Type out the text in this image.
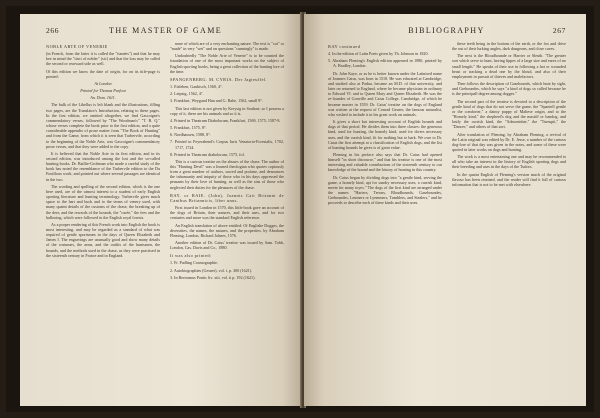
266	THE MASTER OF GAME

NOBLE ARTE OF VENERIE

(in French, from the latter it is called the "fumées") and that he may kee in mind the "tinct of nobler" (sic) and that the loss may be called the second or rearward side as well.

Of this edition we know the date of origin, for on its title-page is printed:

At London

Printed for Thomas Purfoot

An. Dom. 1611.

The bulk of the Libellus is left blank and the illustrations, filling two pages, are the Translator's Introduction, relating to these pages. In the first edition, we omitted altogether, we find Gascoigne's commendatory verses, followed by "The Woodman's" "T. B. Q." whose verses complete the book prior to the first edition, and a quite considerable appendix of prose matter from "The Book of Hunting" and from the Game, from which it is seen that Turbervile, according to the beginning of the Noble Arte, was Gascoigne's commendatory prose verses, and that they were added to the copy.

It is believed that the Noble Arte in its first edition, and in its second edition, was introduced among the lost and the so-called hunting books. Dr. Baillie-Grohman who made a careful study of the book has noted the resemblance of the Turbervile edition to the Du Fouilloux work, and pointed out where several passages are identical in the two.

The wording and spelling of the second edition, which is the one here used, are of the utmost interest to a student of early English sporting literature and hunting terminology. Turbervile gives much space to the hart and buck and to the terms of venery used, with many quaint details of the customs of the chase, the breaking up of the deer, and the rewards of the hounds, the "curée," the fees and the hallooing, which were followed in the English royal forests.

As a proper rendering of this French work into English the book is most interesting, and may be regarded as a standard of what was required of gentle sportsmen in the days of Queen Elizabeth and James I. The engravings are unusually good and show many details of the costumes, the arms, and the outfits of the huntsmen, the hounds, and the methods used in the chase, as they were practised in the sixteenth century in France and in England.

none of which are of a very enchanting nature. The text is "cut" or "made" in very "wet" and on questions "cunningly" is made.

Undoubtedly "The Noble Arte of Venerie" is to be counted the foundation of one of the most important works on the subject of English sporting books, being a great collection of the hunting lore of the time.

SPANGENBERG. M. CYRIA. Der Jagteuffel.

1. Eisleben, Gaubisch, 1560, 4°.

2. Leipzig, 1562, 4°.

3. Frankfurt, Weygand Han and G. Rabe, 1562, small 8°.

This last edition is not given by Kreysig in Souhart; so I possess a copy of it, these are his animals and so it is.

4. Printed in Theatrum Diabolorum, Frankfurt, 1569, 1575, 1587-8.

5. Frankfurt, 1575, 8°.

6. Nordhausen, 1588, 8°.

7. Printed in Feyerabend's Corpus Iuris Venatorio-Forestalis, 1702, 1717, 1724.

8. Printed in Theatrum diabolorum, 1575, fol.

This is a curious treatise on the abuses of the chase. The author of this "Hunting Devil" was a learned theologian who quotes copiously from a great number of authors, sacred and profane, and denounces the inhumanity and iniquity of those who in his days oppressed the peasants by their love of hunting, as well as the sins of those who neglected their duties for the pleasures of the chase.

RAY, or RAIE. (John), Joannis Caii Britanni de Canibus Britannicis, liber unus.

First issued in London in 1570, this little book gave an account of the dogs of Britain, their natures, and their uses, and for two centuries and more was the standard English reference.

An English translation of above entitled: Of Englishe Dogges, the diversities, the names, the natures, and the properties, by Abraham Fleming, London, Richard Johnes, 1576.

Another edition of Dr. Caius' treatise was issued by Sam. Tobb, London, Cas. Davis and Co., 1880.

It was also printed:

1. Fr. Padling Cosmographie.

2. Autobiographies (Gesner), vol. i. p. 300 (1621).

3. In Bertramus Pontic liv. xiii, vol. ii p. 192 (1621).

BIBLIOGRAPHY	267

RAY continued

4. In the edition of Latin Poets given by Th. Johnson in 1820.

5. Abraham Fleming's English edition appeared in 1880, printed by A. Bradley, London.

Dr. John Kaye, or as he is better known under the Latinised name of Joannes Caius, was born in 1510. He was educated at Cambridge, and studied also at Padua, became an M.D. of that university, and later on returned to England, where he became physician in ordinary to Edward VI. and to Queen Mary and Queen Elizabeth. He was the re-founder of Gonville and Caius College, Cambridge, of which he became master in 1559. Dr. Caius' treatise on the dogs of England was written at the request of Conrad Gesner, the famous naturalist, who wished to include it in his great work on animals.

It gives a short but interesting account of English hounds and dogs of that period. He divides them into three classes: the generous kind, used for hunting, the homely kind, used for divers necessary uses, and the currish kind, fit for nothing but to bark. We owe to Dr. Caius the first attempt at a classification of English dogs, and the list of hunting hounds he gives is of great value.

Fleming in his preface also says that Dr. Caius had opened himself "in short discourse," and that his treatise is one of the most interesting and valuable contributions of the sixteenth century to our knowledge of the hound and the history of hunting in this country.

Dr. Caius began by dividing dogs into "a gentle kind, serving the game, a homely kind, apt for sundry necessary uses, a currish kind, meete for many toyes." The dogs of the first kind are arranged under the names "Hariers, Terrars, Bloudhounds, Gasehoundes, Grehoundes, Leuiners or Lyemmers, Tumblers, and Stealers," and he proceeds to describe each of these kinds and their uses.

these teeth being in the bottom of the earth, or the fox and drive the out of their lurking angles, dark dungeons, and close caves.

The next is the Bloudhounde or Harrier or Sleuth. "The greater sort which serve to hunt, having lippes of a large size and eares of no small length." He speaks of their use in following a hot or wounded beast or tracking a dead one by the bloud, and also of their employment in pursuit of thieves and malefactors.

Then follows the description of Gasehounds, which hunt by sight, and Grehoundes, which he says "a kind of dogs so called because he is the principall degree among dogges."

The second part of the treatise is devoted to a description of the gentle kind of dogs that do not serve the game, the "Spaniell gentle or the comforter," a dainty puppy of Maltese origin, and to the "Homely kind," the shepherd's dog and the mastiff or bandog, and lastly the currish kind, the "Admonisher," the "Turnspit," the "Dancer," and others of that sort.

After translation of Fleming, by Abraham Fleming, a revival of the Latin original was edited by Dr. E. Jesse, a number of the curious dog-lore of that day was given in the notes, and some of these were quoted in later works on dogs and hunting.

The work is a most entertaining one and may be recommended to all who take an interest in the history of English sporting dogs and their breeding and uses in the days of the Tudors.

In the quaint English of Fleming's version much of the original flavour has been retained, and the reader will find it full of curious information that is not to be met with elsewhere.
